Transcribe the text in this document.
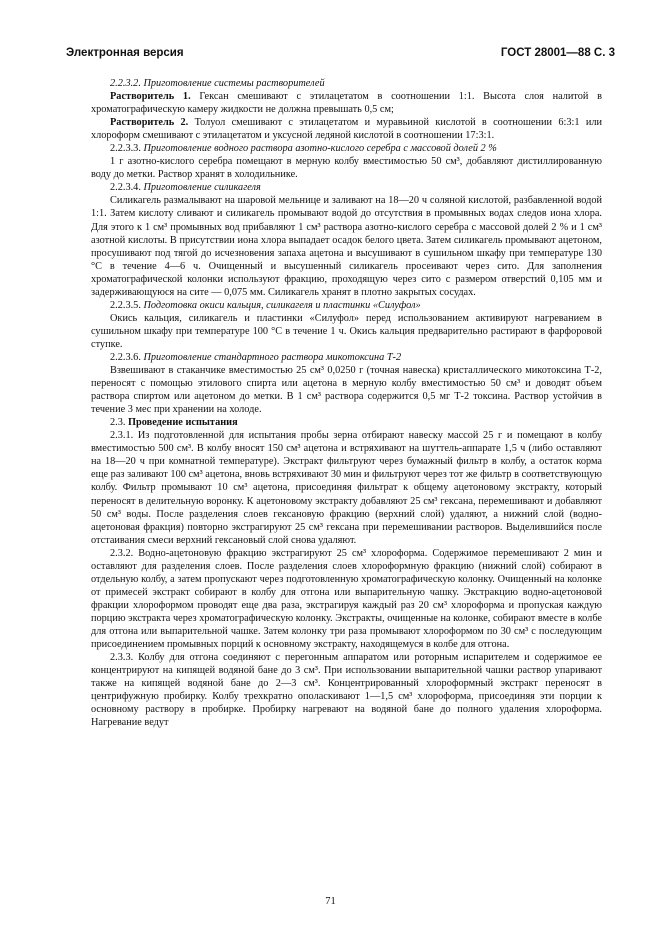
Электронная версия	ГОСТ 28001—88 С. 3

2.2.3.2. Приготовление системы растворителей

Растворитель 1. Гексан смешивают с этилацетатом в соотношении 1:1. Высота слоя налитой в хроматографическую камеру жидкости не должна превышать 0,5 см;

Растворитель 2. Толуол смешивают с этилацетатом и муравьиной кислотой в соотношении 6:3:1 или хлороформ смешивают с этилацетатом и уксусной ледяной кислотой в соотношении 17:3:1.

2.2.3.3. Приготовление водного раствора азотно-кислого серебра с массовой долей 2 %

1 г азотно-кислого серебра помещают в мерную колбу вместимостью 50 см³, добавляют дистиллированную воду до метки. Раствор хранят в холодильнике.

2.2.3.4. Приготовление силикагеля

Силикагель размалывают на шаровой мельнице и заливают на 18—20 ч соляной кислотой, разбавленной водой 1:1. Затем кислоту сливают и силикагель промывают водой до отсутствия в промывных водах следов иона хлора. Для этого к 1 см³ промывных вод прибавляют 1 см³ раствора азотно-кислого серебра с массовой долей 2 % и 1 см³ азотной кислоты. В присутствии иона хлора выпадает осадок белого цвета. Затем силикагель промывают ацетоном, просушивают под тягой до исчезновения запаха ацетона и высушивают в сушильном шкафу при температуре 130 °С в течение 4—6 ч. Очищенный и высушенный силикагель просеивают через сито. Для заполнения хроматографической колонки используют фракцию, проходящую через сито с размером отверстий 0,105 мм и задерживающуюся на сите — 0,075 мм. Силикагель хранят в плотно закрытых сосудах.

2.2.3.5. Подготовка окиси кальция, силикагеля и пластинки «Силуфол»

Окись кальция, силикагель и пластинки «Силуфол» перед использованием активируют нагреванием в сушильном шкафу при температуре 100 °С в течение 1 ч. Окись кальция предварительно растирают в фарфоровой ступке.

2.2.3.6. Приготовление стандартного раствора микотоксина Т-2

Взвешивают в стаканчике вместимостью 25 см³ 0,0250 г (точная навеска) кристаллического микотоксина Т-2, переносят с помощью этилового спирта или ацетона в мерную колбу вместимостью 50 см³ и доводят объем раствора спиртом или ацетоном до метки. В 1 см³ раствора содержится 0,5 мг Т-2 токсина. Раствор устойчив в течение 3 мес при хранении на холоде.

2.3. Проведение испытания

2.3.1. Из подготовленной для испытания пробы зерна отбирают навеску массой 25 г и помещают в колбу вместимостью 500 см³. В колбу вносят 150 см³ ацетона и встряхивают на шуттель-аппарате 1,5 ч (либо оставляют на 18—20 ч при комнатной температуре). Экстракт фильтруют через бумажный фильтр в колбу, а остаток корма еще раз заливают 100 см³ ацетона, вновь встряхивают 30 мин и фильтруют через тот же фильтр в соответствующую колбу. Фильтр промывают 10 см³ ацетона, присоединяя фильтрат к общему ацетоновому экстракту, который переносят в делительную воронку. К ацетоновому экстракту добавляют 25 см³ гексана, перемешивают и добавляют 50 см³ воды. После разделения слоев гексановую фракцию (верхний слой) удаляют, а нижний слой (водно-ацетоновая фракция) повторно экстрагируют 25 см³ гексана при перемешивании растворов. Выделившийся после отстаивания смеси верхний гексановый слой снова удаляют.

2.3.2. Водно-ацетоновую фракцию экстрагируют 25 см³ хлороформа. Содержимое перемешивают 2 мин и оставляют для разделения слоев. После разделения слоев хлороформную фракцию (нижний слой) собирают в отдельную колбу, а затем пропускают через подготовленную хроматографическую колонку. Очищенный на колонке от примесей экстракт собирают в колбу для отгона или выпарительную чашку. Экстракцию водно-ацетоновой фракции хлороформом проводят еще два раза, экстрагируя каждый раз 20 см³ хлороформа и пропуская каждую порцию экстракта через хроматографическую колонку. Экстракты, очищенные на колонке, собирают вместе в колбе для отгона или выпарительной чашке. Затем колонку три раза промывают хлороформом по 30 см³ с последующим присоединением промывных порций к основному экстракту, находящемуся в колбе для отгона.

2.3.3. Колбу для отгона соединяют с перегонным аппаратом или роторным испарителем и содержимое ее концентрируют на кипящей водяной бане до 3 см³. При использовании выпарительной чашки раствор упаривают также на кипящей водяной бане до 2—3 см³. Концентрированный хлороформный экстракт переносят в центрифужную пробирку. Колбу трехкратно ополаскивают 1—1,5 см³ хлороформа, присоединяя эти порции к основному раствору в пробирке. Пробирку нагревают на водяной бане до полного удаления хлороформа. Нагревание ведут

71
